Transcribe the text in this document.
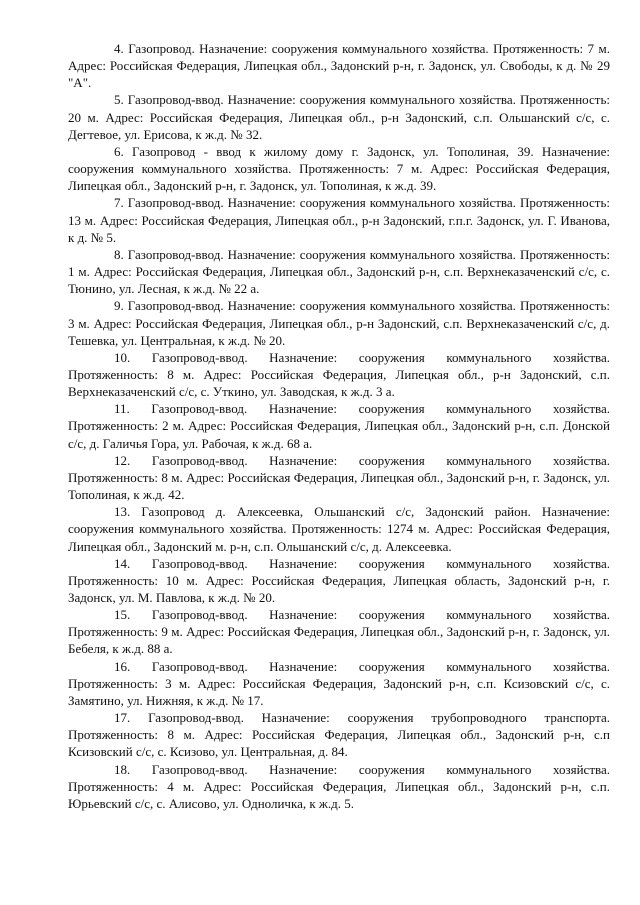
4. Газопровод. Назначение: сооружения коммунального хозяйства. Протяженность: 7 м. Адрес: Российская Федерация, Липецкая обл., Задонский р-н, г. Задонск, ул. Свободы, к д. № 29 "А".

5. Газопровод-ввод. Назначение: сооружения коммунального хозяйства. Протяженность: 20 м. Адрес: Российская Федерация, Липецкая обл., р-н Задонский, с.п. Ольшанский с/с, с. Дегтевое, ул. Ерисова, к ж.д. № 32.

6. Газопровод - ввод к жилому дому г. Задонск, ул. Тополиная, 39. Назначение: сооружения коммунального хозяйства. Протяженность: 7 м. Адрес: Российская Федерация, Липецкая обл., Задонский р-н, г. Задонск, ул. Тополиная, к ж.д. 39.

7. Газопровод-ввод. Назначение: сооружения коммунального хозяйства. Протяженность: 13 м. Адрес: Российская Федерация, Липецкая обл., р-н Задонский, г.п.г. Задонск, ул. Г. Иванова, к д. № 5.

8. Газопровод-ввод. Назначение: сооружения коммунального хозяйства. Протяженность: 1 м. Адрес: Российская Федерация, Липецкая обл., Задонский р-н, с.п. Верхнеказаченский с/с, с. Тюнино, ул. Лесная, к ж.д. № 22 а.

9. Газопровод-ввод. Назначение: сооружения коммунального хозяйства. Протяженность: 3 м. Адрес: Российская Федерация, Липецкая обл., р-н Задонский, с.п. Верхнеказаченский с/с, д. Тешевка, ул. Центральная, к ж.д. № 20.

10. Газопровод-ввод. Назначение: сооружения коммунального хозяйства. Протяженность: 8 м. Адрес: Российская Федерация, Липецкая обл., р-н Задонский, с.п. Верхнеказаченский с/с, с. Уткино, ул. Заводская, к ж.д. 3 а.

11. Газопровод-ввод. Назначение: сооружения коммунального хозяйства. Протяженность: 2 м. Адрес: Российская Федерация, Липецкая обл., Задонский р-н, с.п. Донской с/с, д. Галичья Гора, ул. Рабочая, к ж.д. 68 а.

12. Газопровод-ввод. Назначение: сооружения коммунального хозяйства. Протяженность: 8 м. Адрес: Российская Федерация, Липецкая обл., Задонский р-н, г. Задонск, ул. Тополиная, к ж.д. 42.

13. Газопровод д. Алексеевка, Ольшанский с/с, Задонский район. Назначение: сооружения коммунального хозяйства. Протяженность: 1274 м. Адрес: Российская Федерация, Липецкая обл., Задонский м. р-н, с.п. Ольшанский с/с, д. Алексеевка.

14. Газопровод-ввод. Назначение: сооружения коммунального хозяйства. Протяженность: 10 м. Адрес: Российская Федерация, Липецкая область, Задонский р-н, г. Задонск, ул. М. Павлова, к ж.д. № 20.

15. Газопровод-ввод. Назначение: сооружения коммунального хозяйства. Протяженность: 9 м. Адрес: Российская Федерация, Липецкая обл., Задонский р-н, г. Задонск, ул. Бебеля, к ж.д. 88 а.

16. Газопровод-ввод. Назначение: сооружения коммунального хозяйства. Протяженность: 3 м. Адрес: Российская Федерация, Задонский р-н, с.п. Ксизовский с/с, с. Замятино, ул. Нижняя, к ж.д. № 17.

17. Газопровод-ввод. Назначение: сооружения трубопроводного транспорта. Протяженность: 8 м. Адрес: Российская Федерация, Липецкая обл., Задонский р-н, с.п Ксизовский с/с, с. Ксизово, ул. Центральная, д. 84.

18. Газопровод-ввод. Назначение: сооружения коммунального хозяйства. Протяженность: 4 м. Адрес: Российская Федерация, Липецкая обл., Задонский р-н, с.п. Юрьевский с/с, с. Алисово, ул. Одноличка, к ж.д. 5.
